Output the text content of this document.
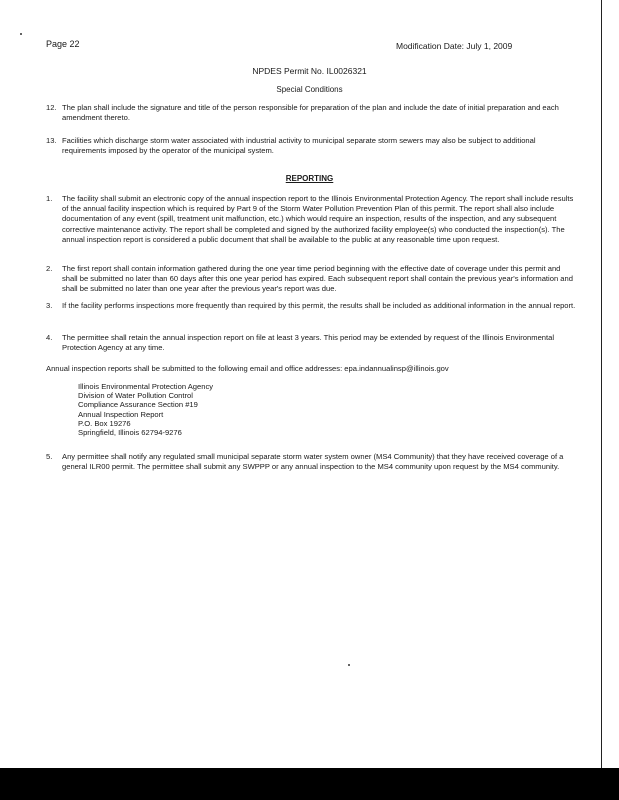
Page 22	Modification Date: July 1, 2009
NPDES Permit No. IL0026321
Special Conditions
12. The plan shall include the signature and title of the person responsible for preparation of the plan and include the date of initial preparation and each amendment thereto.
13. Facilities which discharge storm water associated with industrial activity to municipal separate storm sewers may also be subject to additional requirements imposed by the operator of the municipal system.
REPORTING
1.	The facility shall submit an electronic copy of the annual inspection report to the Illinois Environmental Protection Agency. The report shall include results of the annual facility inspection which is required by Part 9 of the Storm Water Pollution Prevention Plan of this permit. The report shall also include documentation of any event (spill, treatment unit malfunction, etc.) which would require an inspection, results of the inspection, and any subsequent corrective maintenance activity. The report shall be completed and signed by the authorized facility employee(s) who conducted the inspection(s). The annual inspection report is considered a public document that shall be available to the public at any reasonable time upon request.
2.	The first report shall contain information gathered during the one year time period beginning with the effective date of coverage under this permit and shall be submitted no later than 60 days after this one year period has expired. Each subsequent report shall contain the previous year's information and shall be submitted no later than one year after the previous year's report was due.
3.	If the facility performs inspections more frequently than required by this permit, the results shall be included as additional information in the annual report.
4.	The permittee shall retain the annual inspection report on file at least 3 years. This period may be extended by request of the Illinois Environmental Protection Agency at any time.
Annual inspection reports shall be submitted to the following email and office addresses: epa.indannualinsp@illinois.gov
Illinois Environmental Protection Agency
Division of Water Pollution Control
Compliance Assurance Section #19
Annual Inspection Report
P.O. Box 19276
Springfield, Illinois 62794-9276
5.	Any permittee shall notify any regulated small municipal separate storm water system owner (MS4 Community) that they have received coverage of a general ILR00 permit. The permittee shall submit any SWPPP or any annual inspection to the MS4 community upon request by the MS4 community.
